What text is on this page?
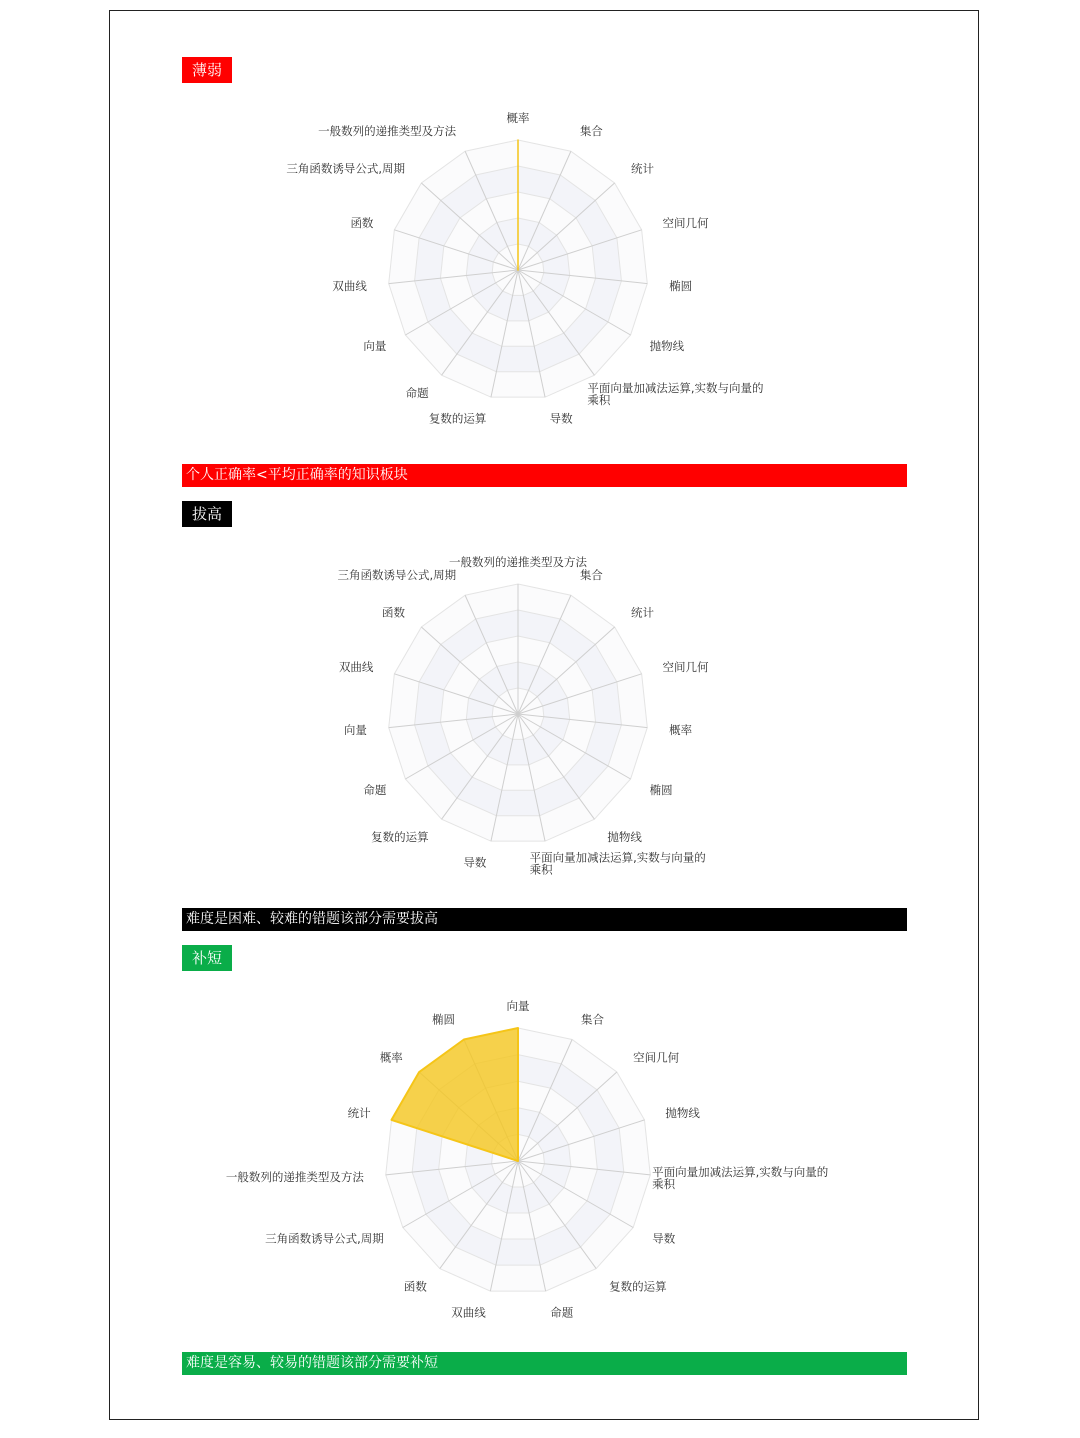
薄弱
概率
集合
统计
空间几何
椭圆
抛物线
平面向量加减法运算,实数与向量的乘积
导数
复数的运算
命题
向量
双曲线
函数
三角函数诱导公式,周期
一般数列的递推类型及方法
个人正确率<平均正确率的知识板块
拔高
一般数列的递推类型及方法
集合
统计
空间几何
概率
椭圆
抛物线
平面向量加减法运算,实数与向量的乘积
导数
复数的运算
命题
向量
双曲线
函数
三角函数诱导公式,周期
难度是困难、较难的错题该部分需要拔高
补短
向量
集合
空间几何
抛物线
平面向量加减法运算,实数与向量的乘积
导数
复数的运算
命题
双曲线
函数
三角函数诱导公式,周期
一般数列的递推类型及方法
统计
概率
椭圆
难度是容易、较易的错题该部分需要补短
